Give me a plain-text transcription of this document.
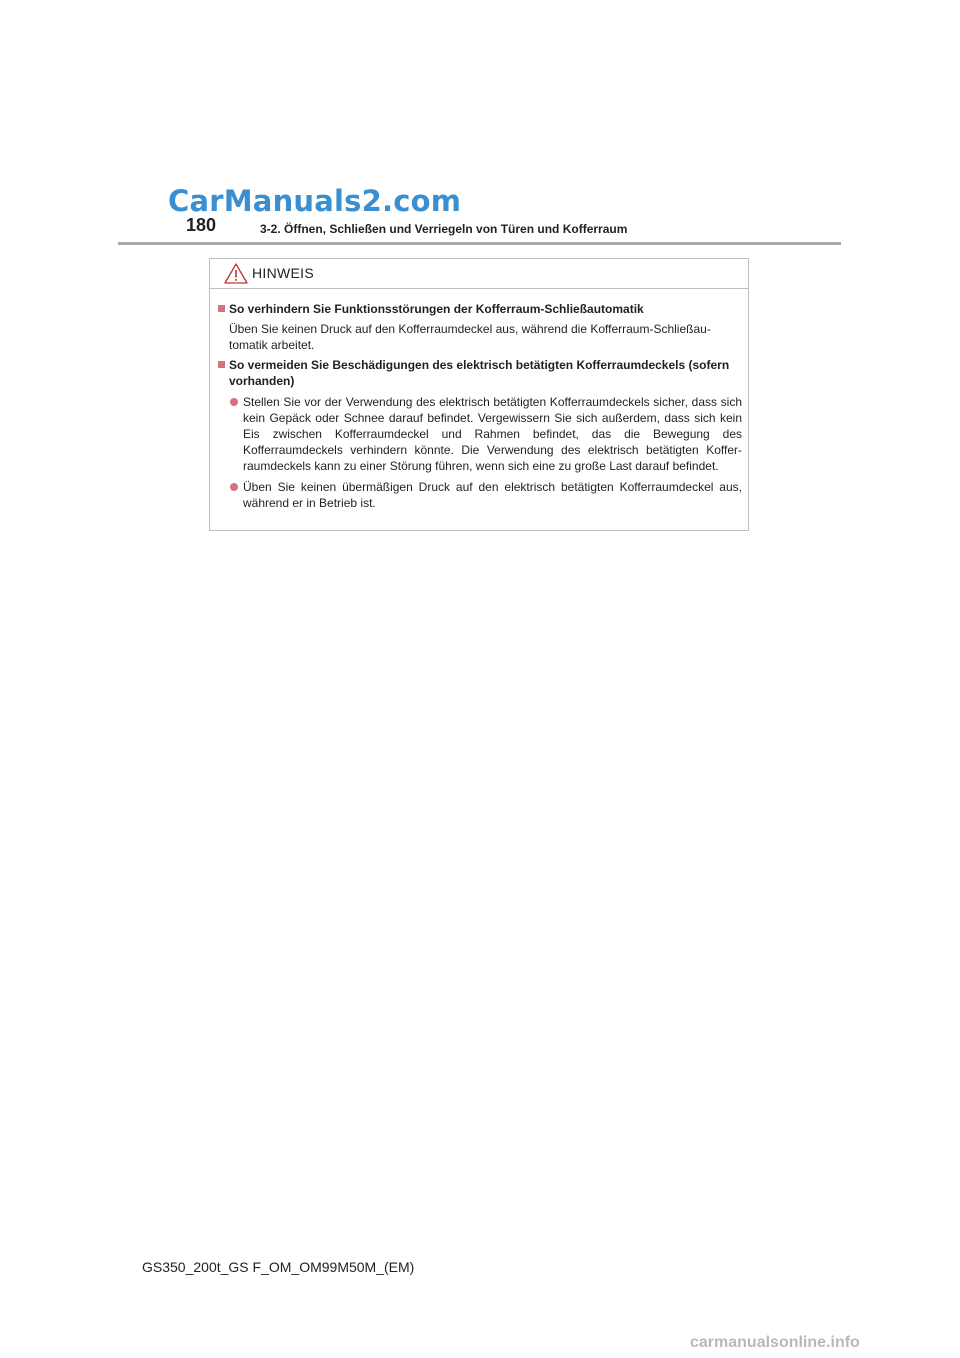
CarManuals2.com
180	3-2. Öffnen, Schließen und Verriegeln von Türen und Kofferraum
HINWEIS
So verhindern Sie Funktionsstörungen der Kofferraum-Schließautomatik
Üben Sie keinen Druck auf den Kofferraumdeckel aus, während die Kofferraum-Schließau-tomatik arbeitet.
So vermeiden Sie Beschädigungen des elektrisch betätigten Kofferraumdeckels (sofern vorhanden)
Stellen Sie vor der Verwendung des elektrisch betätigten Kofferraumdeckels sicher, dass sich kein Gepäck oder Schnee darauf befindet. Vergewissern Sie sich außerdem, dass sich kein Eis zwischen Kofferraumdeckel und Rahmen befindet, das die Bewegung des Kofferraumdeckels verhindern könnte. Die Verwendung des elektrisch betätigten Koffer-raumdeckels kann zu einer Störung führen, wenn sich eine zu große Last darauf befindet.
Üben Sie keinen übermäßigen Druck auf den elektrisch betätigten Kofferraumdeckel aus, während er in Betrieb ist.
GS350_200t_GS F_OM_OM99M50M_(EM)
carmanualsonline.info
